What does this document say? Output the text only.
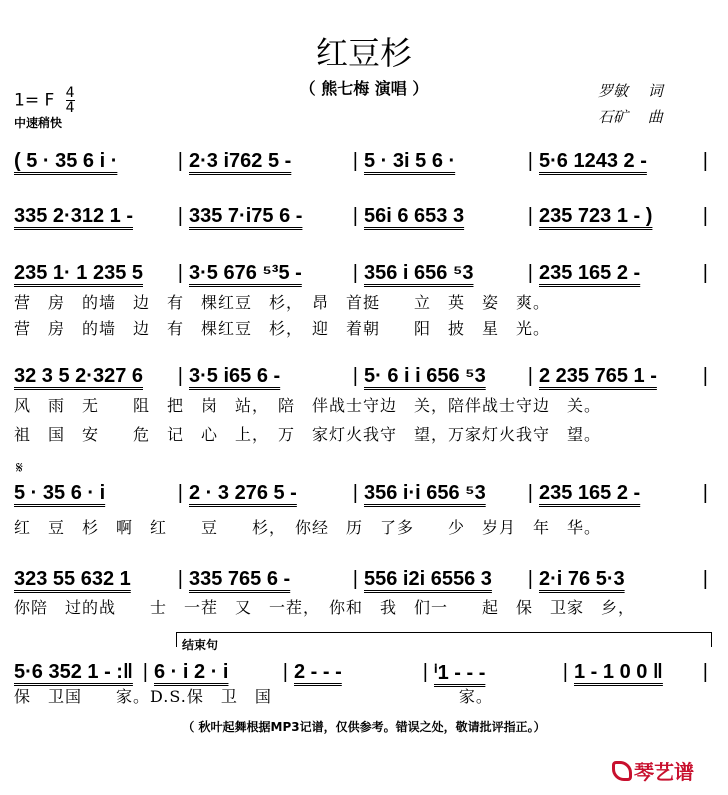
红豆杉
（ 熊七梅 演唱 ）
1= F $\frac{4}{4}$
中速稍快
罗敏　 词
石矿　 曲
𝄋
结束句
( 5 · 35 6 i ·	| 2·3 i762 5 -	| 5 · 3i 5 6 ·	| 5·6 1243 2 -	|
335 2·312 1 -	| 335 7·i75 6 -	| 56i 6 653 3	| 235 723 1 - )	|
235 1· 1 235 5	| 3·5 676 ⁵³5 -	| 356 i 656 ⁵3	| 235 165 2 -	|
营　房　的墙　边　有　棵红豆　杉，　昂　首挺　　立　英　姿　爽。
营　房　的墙　边　有　棵红豆　杉，　迎　着朝　　阳　披　星　光。
32 3 5 2·327 6	| 3·5 i65 6 -	| 5· 6 i i 656 ⁵3	| 2 235 765 1 -	|
风　雨　无　　阻　把　岗　站，　陪　伴战士守边　关，陪伴战士守边　关。
祖　国　安　　危　记　心　上，　万　家灯火我守　望，万家灯火我守　望。
5 · 35 6 · i	| 2 · 3 276 5 -	| 356 i·i 656 ⁵3	| 235 165 2 -	|
红　豆　杉　啊　红　　豆　　杉，　你经　历　了多　　少　岁月　年　华。
323 55 632 1	| 335 765 6 -	| 556 i2i 6556 3	| 2·i 76 5·3	|
你陪　过的战　　士　一茬　又　一茬，　你和　我　们一　　起　保　卫家　乡，
5·6 352 1 - :‖ | 6 · i 2 · i	| 2 - - -	| ⁱ1 - - -	| 1 - 1 0 0 ‖	|
保　卫国　　家。D.S.保　卫　国　　　　　　　　　　　家。
（ 秋叶起舞根据MP3记谱，仅供参考。错误之处，敬请批评指正。）
琴艺谱
